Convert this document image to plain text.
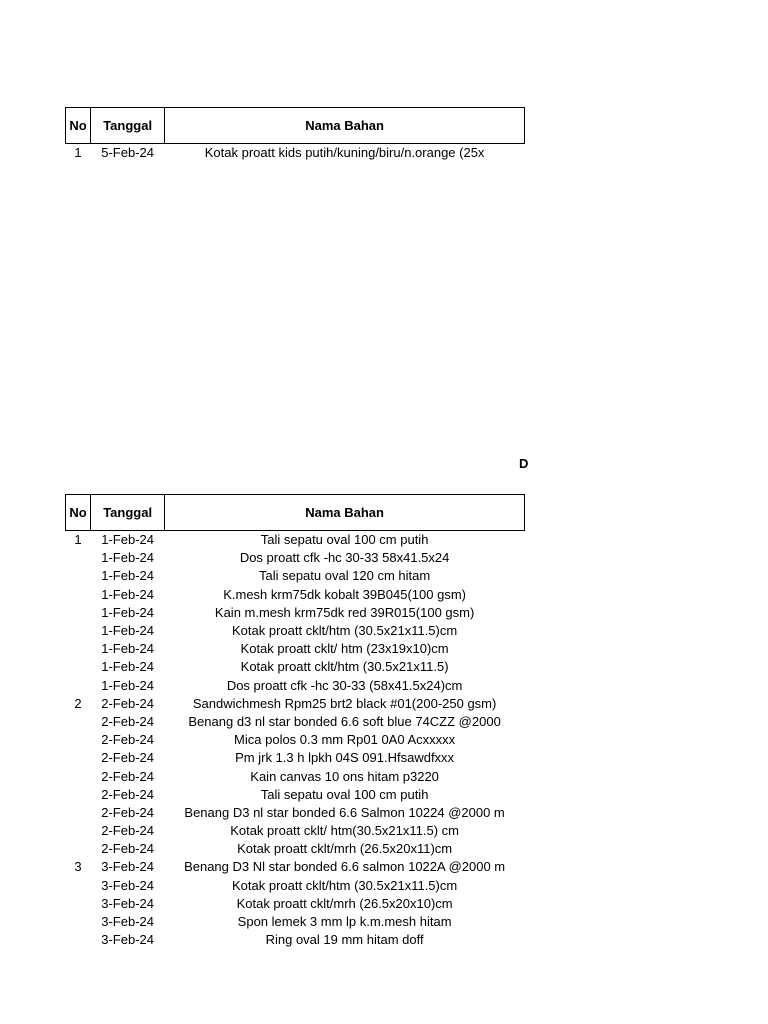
No	Tanggal	Nama Bahan
1	5-Feb-24	Kotak proatt kids putih/kuning/biru/n.orange (25x
D
No	Tanggal	Nama Bahan
1	1-Feb-24	Tali sepatu oval 100 cm putih
	1-Feb-24	Dos proatt cfk -hc 30-33 58x41.5x24
	1-Feb-24	Tali sepatu oval 120 cm hitam
	1-Feb-24	K.mesh krm75dk kobalt 39B045(100 gsm)
	1-Feb-24	Kain m.mesh krm75dk red 39R015(100 gsm)
	1-Feb-24	Kotak proatt cklt/htm (30.5x21x11.5)cm
	1-Feb-24	Kotak proatt cklt/ htm (23x19x10)cm
	1-Feb-24	Kotak proatt cklt/htm (30.5x21x11.5)
	1-Feb-24	Dos proatt cfk -hc 30-33 (58x41.5x24)cm
2	2-Feb-24	Sandwichmesh Rpm25 brt2 black #01(200-250 gsm)
	2-Feb-24	Benang d3 nl star bonded 6.6 soft blue 74CZZ @2000
	2-Feb-24	Mica polos 0.3 mm Rp01 0A0 Acxxxxx
	2-Feb-24	Pm jrk 1.3 h lpkh 04S 091.Hfsawdfxxx
	2-Feb-24	Kain canvas 10 ons hitam p3220
	2-Feb-24	Tali sepatu oval 100 cm putih
	2-Feb-24	Benang D3 nl star bonded 6.6 Salmon 10224 @2000 m
	2-Feb-24	Kotak proatt cklt/ htm(30.5x21x11.5) cm
	2-Feb-24	Kotak proatt cklt/mrh (26.5x20x11)cm
3	3-Feb-24	Benang D3 Nl star bonded 6.6 salmon 1022A @2000 m
	3-Feb-24	Kotak proatt cklt/htm (30.5x21x11.5)cm
	3-Feb-24	Kotak proatt cklt/mrh (26.5x20x10)cm
	3-Feb-24	Spon lemek 3 mm lp k.m.mesh hitam
	3-Feb-24	Ring oval 19 mm hitam doff
